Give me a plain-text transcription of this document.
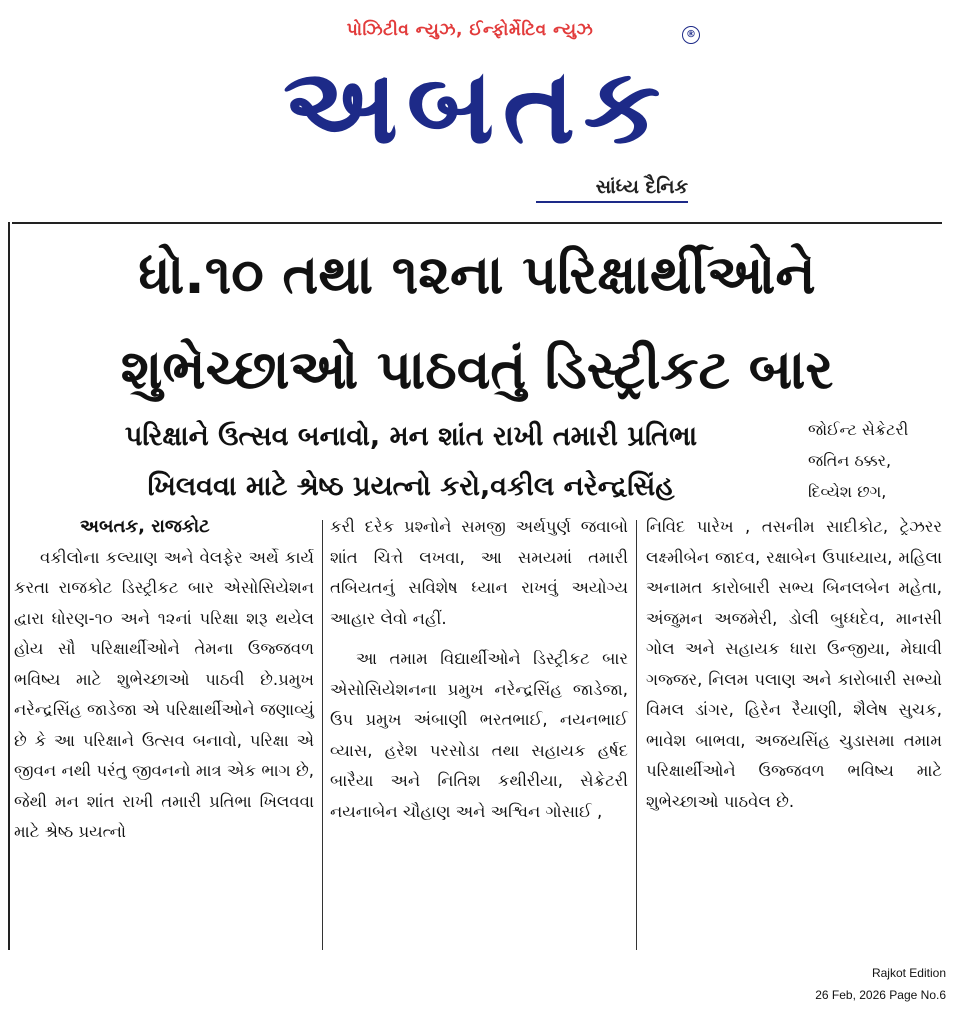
પોઝિટીવ ન્યુઝ, ઈન્ફોર્મેટિવ ન્યુઝ	®
અબતક
સાંધ્ય દૈનિક
ધો.૧૦ તથા ૧૨ના પરિક્ષાર્થીઓને
શુભેચ્છાઓ પાઠવતું ડિસ્ટ્રીકટ બાર
પરિક્ષાને ઉત્સવ બનાવો, મન શાંત રાખી તમારી પ્રતિભા
ખિલવવા માટે શ્રેષ્ઠ પ્રયત્નો કરો,વકીલ નરેન્દ્રસિંહ
જોઈન્ટ સેક્રેટરી
જતિન ઠક્કર,
દિવ્યેશ છગ,
અબતક, રાજકોટ

વકીલોના કલ્યાણ અને વેલફેર અર્થે કાર્ય કરતા રાજકોટ ડિસ્ટ્રીકટ બાર એસોસિયેશન દ્વારા ધોરણ-૧૦ અને ૧૨નાં પરિક્ષા શરૂ થયેલ હોય સૌ પરિક્ષાર્થીઓને તેમના ઉજ્જવળ ભવિષ્ય માટે શુભેચ્છાઓ પાઠવી છે.પ્રમુખ નરેન્દ્રસિંહ જાડેજા એ પરિક્ષાર્થીઓને જણાવ્યું છે કે આ પરિક્ષાને ઉત્સવ બનાવો, પરિક્ષા એ જીવન નથી પરંતુ જીવનનો માત્ર એક ભાગ છે, જેથી મન શાંત રાખી તમારી પ્રતિભા ખિલવવા માટે શ્રેષ્ઠ પ્રયત્નો

કરી દરેક પ્રશ્નોને સમજી અર્થપુર્ણ જવાબો શાંત ચિત્તે લખવા, આ સમયમાં તમારી તબિયતનું સવિશેષ ધ્યાન રાખવું અયોગ્ય આહાર લેવો નહીં.

આ તમામ વિદ્યાર્થીઓને ડિસ્ટ્રીકટ બાર એસોસિયેશનના પ્રમુખ નરેન્દ્રસિંહ જાડેજા, ઉપ પ્રમુખ અંબાણી ભરતભાઈ, નયનભાઈ વ્યાસ, હરેશ પરસોડા તથા સહાયક હર્ષદ બારૈયા અને નિતિશ કથીરીયા, સેક્રેટરી નયનાબેન ચૌહાણ અને અશ્વિન ગોસાઈ ,

નિવિદ પારેખ , તસનીમ સાદીકોટ, ટ્રેઝરર લક્ષ્મીબેન જાદવ, રક્ષાબેન ઉપાધ્યાય, મહિલા અનામત કારોબારી સભ્ય બિનલબેન મહેતા, અંજુમન અજમેરી, ડોલી બુધ્ધદેવ, માનસી ગોલ અને સહાયક ધારા ઉન્જીયા, મેઘાવી ગજ્જર, નિલમ પલાણ અને કારોબારી સભ્યો વિમલ ડાંગર, હિરેન રૈયાણી, શૈલેષ સુચક, ભાવેશ બાભવા, અજયસિંહ ચુડાસમા તમામ પરિક્ષાર્થીઓને ઉજ્જવળ ભવિષ્ય માટે શુભેચ્છાઓ પાઠવેલ છે.

Rajkot Edition
26 Feb, 2026 Page No.6
